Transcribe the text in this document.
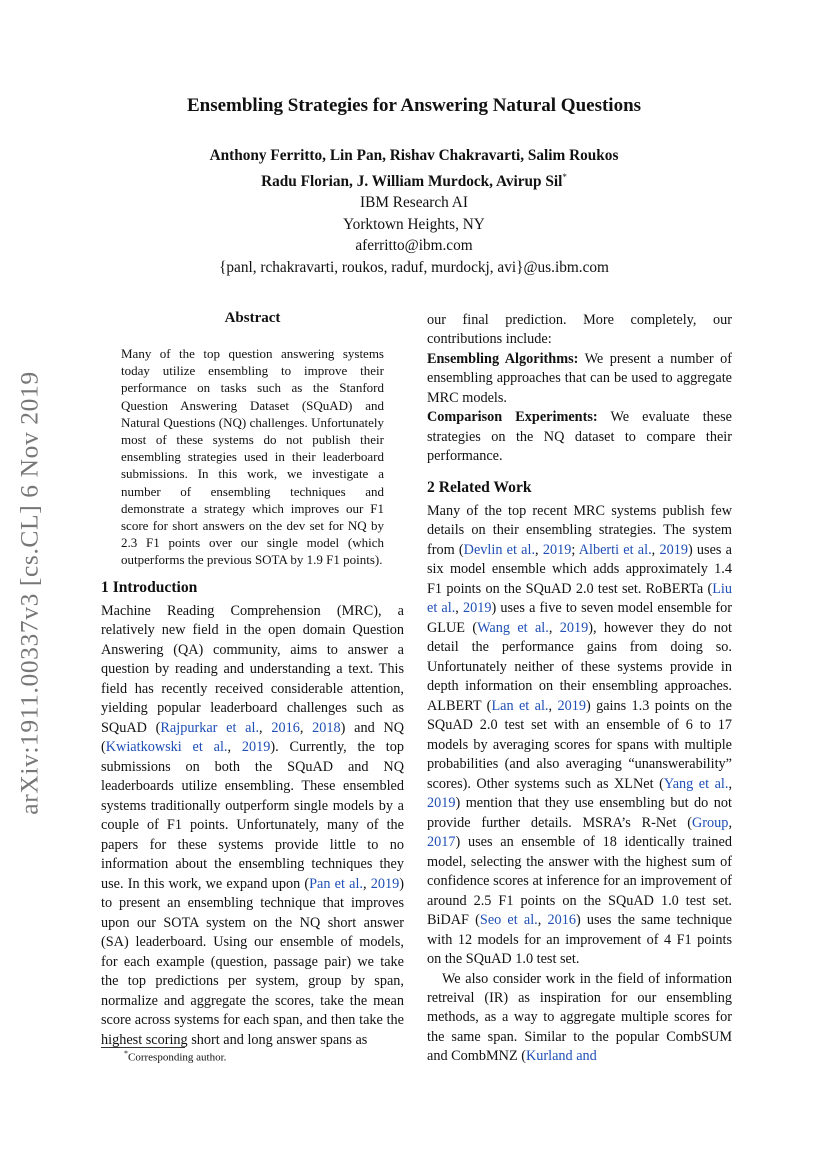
arXiv:1911.00337v3 [cs.CL] 6 Nov 2019
Ensembling Strategies for Answering Natural Questions
Anthony Ferritto, Lin Pan, Rishav Chakravarti, Salim Roukos
Radu Florian, J. William Murdock, Avirup Sil*
IBM Research AI
Yorktown Heights, NY
aferritto@ibm.com
{panl, rchakravarti, roukos, raduf, murdockj, avi}@us.ibm.com
Abstract
Many of the top question answering systems today utilize ensembling to improve their performance on tasks such as the Stanford Question Answering Dataset (SQuAD) and Natural Questions (NQ) challenges. Unfortunately most of these systems do not publish their ensembling strategies used in their leaderboard submissions. In this work, we investigate a number of ensembling techniques and demonstrate a strategy which improves our F1 score for short answers on the dev set for NQ by 2.3 F1 points over our single model (which outperforms the previous SOTA by 1.9 F1 points).
1 Introduction

Machine Reading Comprehension (MRC), a relatively new field in the open domain Question Answering (QA) community, aims to answer a question by reading and understanding a text. This field has recently received considerable attention, yielding popular leaderboard challenges such as SQuAD (Rajpurkar et al., 2016, 2018) and NQ (Kwiatkowski et al., 2019). Currently, the top submissions on both the SQuAD and NQ leaderboards utilize ensembling. These ensembled systems traditionally outperform single models by a couple of F1 points. Unfortunately, many of the papers for these systems provide little to no information about the ensembling techniques they use. In this work, we expand upon (Pan et al., 2019) to present an ensembling technique that improves upon our SOTA system on the NQ short answer (SA) leaderboard. Using our ensemble of models, for each example (question, passage pair) we take the top predictions per system, group by span, normalize and aggregate the scores, take the mean score across systems for each span, and then take the highest scoring short and long answer spans as

*Corresponding author.

our final prediction. More completely, our contributions include:

Ensembling Algorithms: We present a number of ensembling approaches that can be used to aggregate MRC models.

Comparison Experiments: We evaluate these strategies on the NQ dataset to compare their performance.

2 Related Work

Many of the top recent MRC systems publish few details on their ensembling strategies. The system from (Devlin et al., 2019; Alberti et al., 2019) uses a six model ensemble which adds approximately 1.4 F1 points on the SQuAD 2.0 test set. RoBERTa (Liu et al., 2019) uses a five to seven model ensemble for GLUE (Wang et al., 2019), however they do not detail the performance gains from doing so. Unfortunately neither of these systems provide in depth information on their ensembling approaches. ALBERT (Lan et al., 2019) gains 1.3 points on the SQuAD 2.0 test set with an ensemble of 6 to 17 models by averaging scores for spans with multiple probabilities (and also averaging “unanswerability” scores). Other systems such as XLNet (Yang et al., 2019) mention that they use ensembling but do not provide further details. MSRA’s R-Net (Group, 2017) uses an ensemble of 18 identically trained model, selecting the answer with the highest sum of confidence scores at inference for an improvement of around 2.5 F1 points on the SQuAD 1.0 test set. BiDAF (Seo et al., 2016) uses the same technique with 12 models for an improvement of 4 F1 points on the SQuAD 1.0 test set.

We also consider work in the field of information retreival (IR) as inspiration for our ensembling methods, as a way to aggregate multiple scores for the same span. Similar to the popular CombSUM and CombMNZ (Kurland and
